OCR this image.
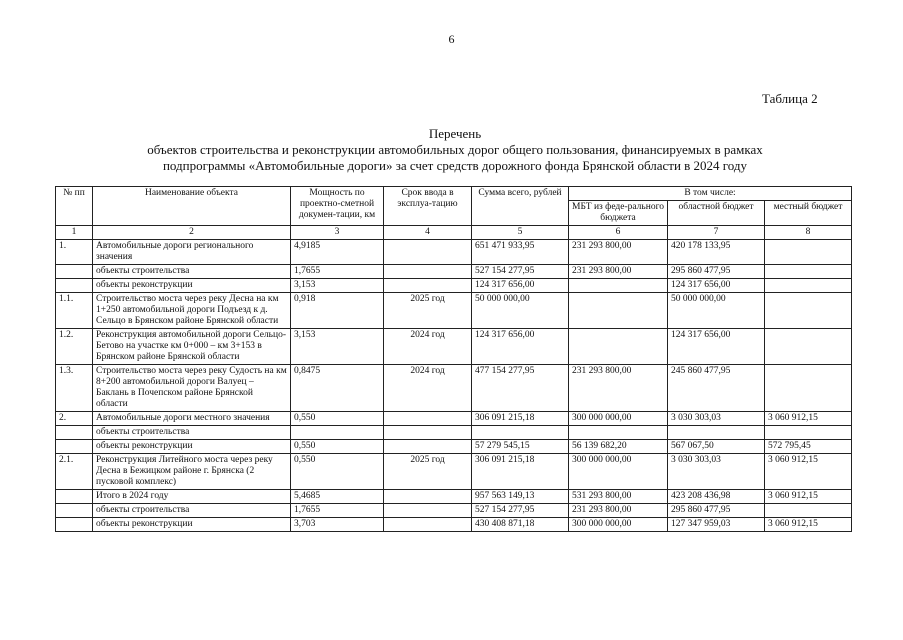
6
Таблица 2
Перечень
объектов строительства и реконструкции автомобильных дорог общего пользования, финансируемых в рамках
подпрограммы «Автомобильные дороги» за счет средств дорожного фонда Брянской области в 2024 году
№ пп	Наименование объекта	Мощность по проектно-сметной докумен-тации, км	Срок ввода в эксплуа-тацию	Сумма всего, рублей	В том числе:		
					МБТ из феде-рального бюджета	областной бюджет	местный бюджет
1	2	3	4	5	6	7	8
1.	Автомобильные дороги регионального значения	4,9185		651 471 933,95	231 293 800,00	420 178 133,95	
	объекты строительства	1,7655		527 154 277,95	231 293 800,00	295 860 477,95	
	объекты реконструкции	3,153		124 317 656,00		124 317 656,00	
1.1.	Строительство моста через реку Десна на км 1+250 автомобильной дороги Подъезд к д. Сельцо в Брянском районе Брянской области	0,918	2025 год	50 000 000,00		50 000 000,00	
1.2.	Реконструкция автомобильной дороги Сельцо-Бетово на участке км 0+000 – км 3+153 в Брянском районе Брянской области	3,153	2024 год	124 317 656,00		124 317 656,00	
1.3.	Строительство моста через реку Судость на км 8+200 автомобильной дороги Валуец – Баклань в Почепском районе Брянской области	0,8475	2024 год	477 154 277,95	231 293 800,00	245 860 477,95	
2.	Автомобильные дороги местного значения	0,550		306 091 215,18	300 000 000,00	3 030 303,03	3 060 912,15
	объекты строительства						
	объекты реконструкции	0,550		57 279 545,15	56 139 682,20	567 067,50	572 795,45
2.1.	Реконструкция Литейного моста через реку Десна в Бежицком районе г. Брянска (2 пусковой комплекс)	0,550	2025 год	306 091 215,18	300 000 000,00	3 030 303,03	3 060 912,15
	Итого в 2024 году	5,4685		957 563 149,13	531 293 800,00	423 208 436,98	3 060 912,15
	объекты строительства	1,7655		527 154 277,95	231 293 800,00	295 860 477,95	
	объекты реконструкции	3,703		430 408 871,18	300 000 000,00	127 347 959,03	3 060 912,15
